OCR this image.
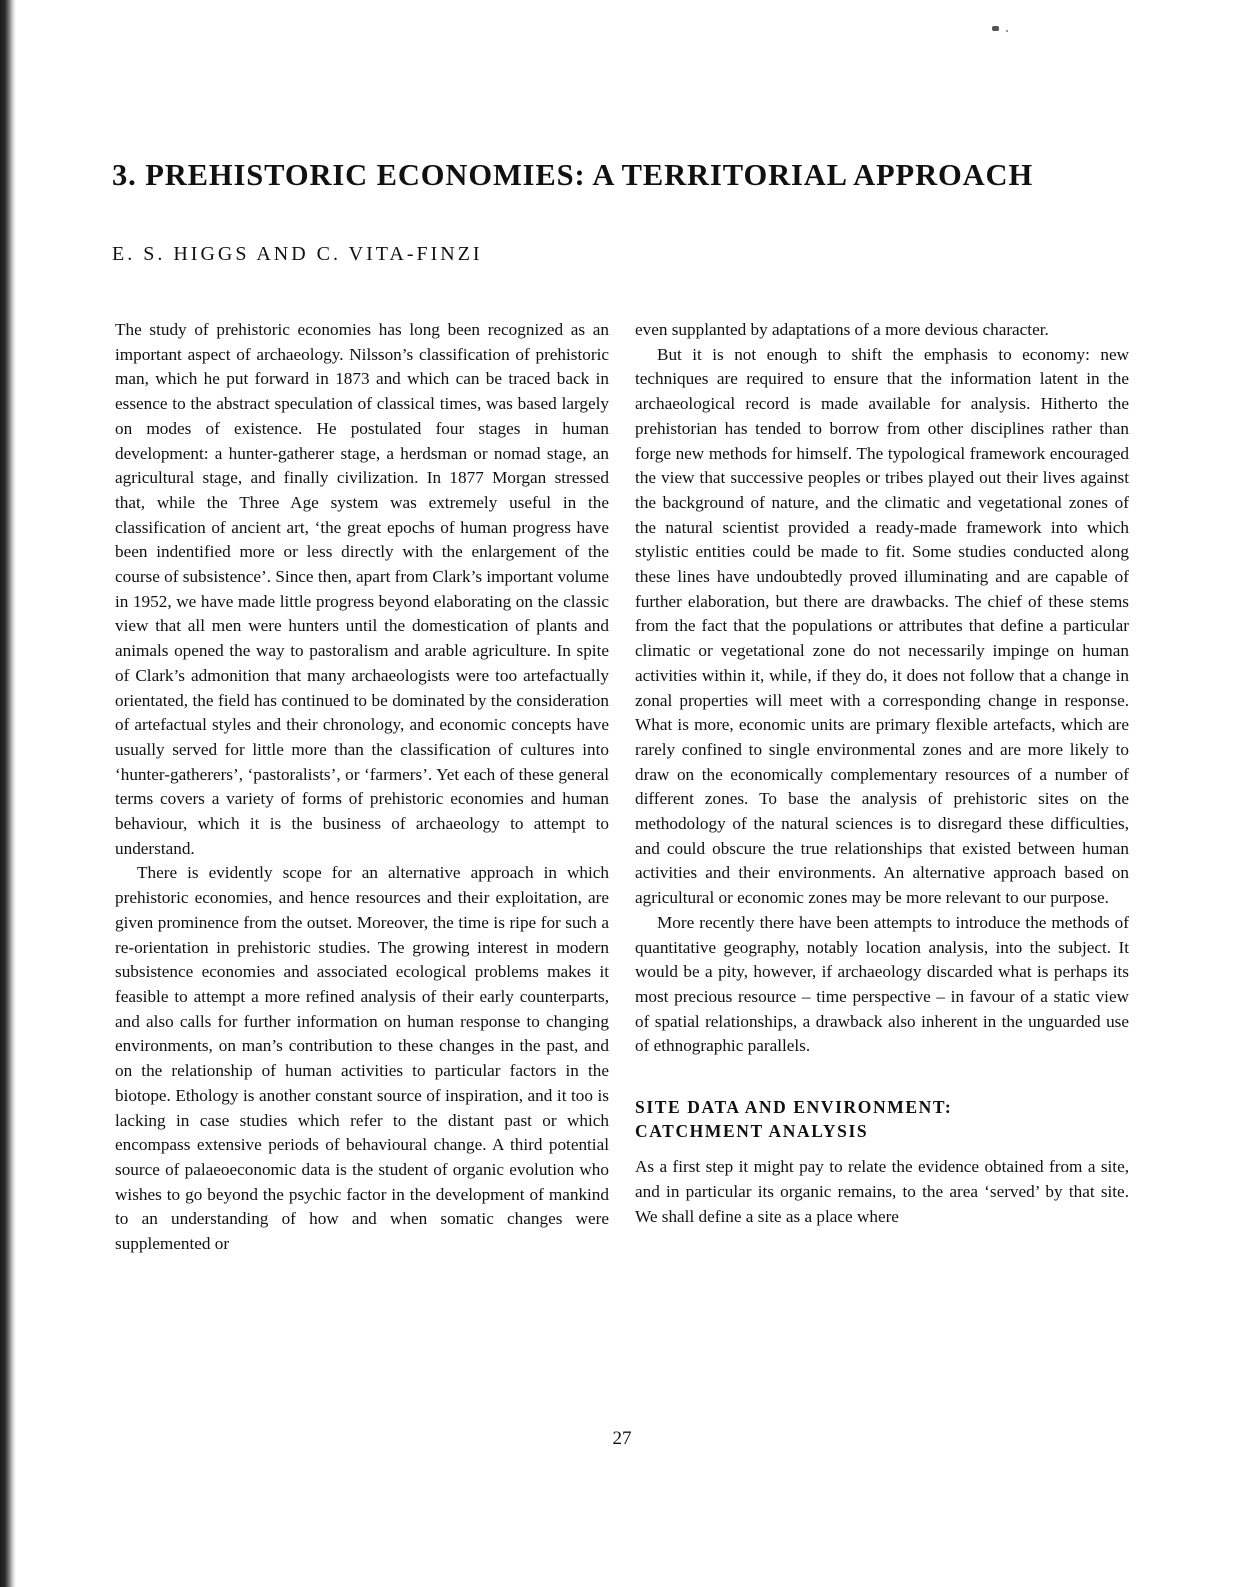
3. PREHISTORIC ECONOMIES: A TERRITORIAL APPROACH
E. S. HIGGS AND C. VITA-FINZI

The study of prehistoric economies has long been recognized as an important aspect of archaeology. Nilsson’s classification of prehistoric man, which he put forward in 1873 and which can be traced back in essence to the abstract speculation of classical times, was based largely on modes of existence. He postulated four stages in human development: a hunter-gatherer stage, a herdsman or nomad stage, an agricultural stage, and finally civilization. In 1877 Morgan stressed that, while the Three Age system was extremely useful in the classification of ancient art, ‘the great epochs of human progress have been indentified more or less directly with the enlargement of the course of subsistence’. Since then, apart from Clark’s important volume in 1952, we have made little progress beyond elaborating on the classic view that all men were hunters until the domestication of plants and animals opened the way to pastoralism and arable agriculture. In spite of Clark’s admonition that many archaeologists were too artefactually orientated, the field has continued to be dominated by the consideration of artefactual styles and their chronology, and economic concepts have usually served for little more than the classification of cultures into ‘hunter-gatherers’, ‘pastoralists’, or ‘farmers’. Yet each of these general terms covers a variety of forms of prehistoric economies and human behaviour, which it is the business of archaeology to attempt to understand.

There is evidently scope for an alternative approach in which prehistoric economies, and hence resources and their exploitation, are given prominence from the outset. Moreover, the time is ripe for such a re-orientation in prehistoric studies. The growing interest in modern subsistence economies and associated ecological problems makes it feasible to attempt a more refined analysis of their early counterparts, and also calls for further information on human response to changing environments, on man’s contribution to these changes in the past, and on the relationship of human activities to particular factors in the biotope. Ethology is another constant source of inspiration, and it too is lacking in case studies which refer to the distant past or which encompass extensive periods of behavioural change. A third potential source of palaeoeconomic data is the student of organic evolution who wishes to go beyond the psychic factor in the development of mankind to an understanding of how and when somatic changes were supplemented or

even supplanted by adaptations of a more devious character.

But it is not enough to shift the emphasis to economy: new techniques are required to ensure that the information latent in the archaeological record is made available for analysis. Hitherto the prehistorian has tended to borrow from other disciplines rather than forge new methods for himself. The typological framework encouraged the view that successive peoples or tribes played out their lives against the background of nature, and the climatic and vegetational zones of the natural scientist provided a ready-made framework into which stylistic entities could be made to fit. Some studies conducted along these lines have undoubtedly proved illuminating and are capable of further elaboration, but there are drawbacks. The chief of these stems from the fact that the populations or attributes that define a particular climatic or vegetational zone do not necessarily impinge on human activities within it, while, if they do, it does not follow that a change in zonal properties will meet with a corresponding change in response. What is more, economic units are primary flexible artefacts, which are rarely confined to single environmental zones and are more likely to draw on the economically complementary resources of a number of different zones. To base the analysis of prehistoric sites on the methodology of the natural sciences is to disregard these difficulties, and could obscure the true relationships that existed between human activities and their environments. An alternative approach based on agricultural or economic zones may be more relevant to our purpose.

More recently there have been attempts to introduce the methods of quantitative geography, notably location analysis, into the subject. It would be a pity, however, if archaeology discarded what is perhaps its most precious resource – time perspective – in favour of a static view of spatial relationships, a drawback also inherent in the unguarded use of ethnographic parallels.

SITE DATA AND ENVIRONMENT:
CATCHMENT ANALYSIS

As a first step it might pay to relate the evidence obtained from a site, and in particular its organic remains, to the area ‘served’ by that site. We shall define a site as a place where

27
